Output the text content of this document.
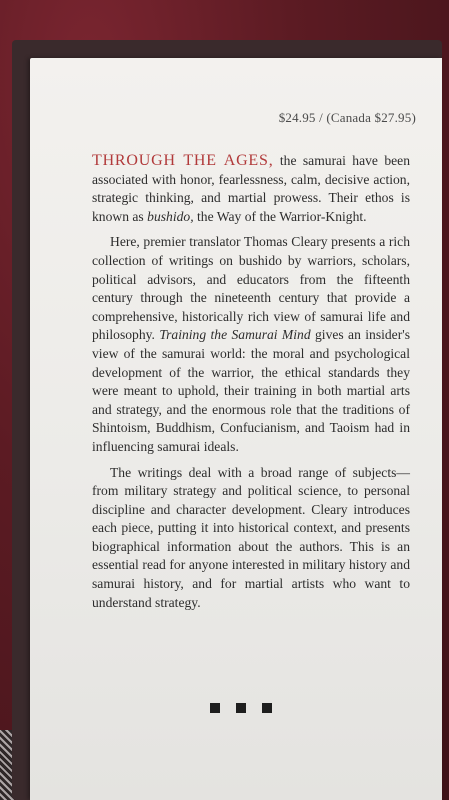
$24.95 / (Canada $27.95)

THROUGH THE AGES, the samurai have been associated with honor, fearlessness, calm, decisive action, strategic thinking, and martial prowess. Their ethos is known as bushido, the Way of the Warrior-Knight.

Here, premier translator Thomas Cleary presents a rich collection of writings on bushido by warriors, scholars, political advisors, and educators from the fifteenth century through the nineteenth century that provide a comprehensive, historically rich view of samurai life and philosophy. Training the Samurai Mind gives an insider's view of the samurai world: the moral and psychological development of the warrior, the ethical standards they were meant to uphold, their training in both martial arts and strategy, and the enormous role that the traditions of Shintoism, Buddhism, Confucianism, and Taoism had in influencing samurai ideals.

The writings deal with a broad range of subjects—from military strategy and political science, to personal discipline and character development. Cleary introduces each piece, putting it into historical context, and presents biographical information about the authors. This is an essential read for anyone interested in military history and samurai history, and for martial artists who want to understand strategy.
